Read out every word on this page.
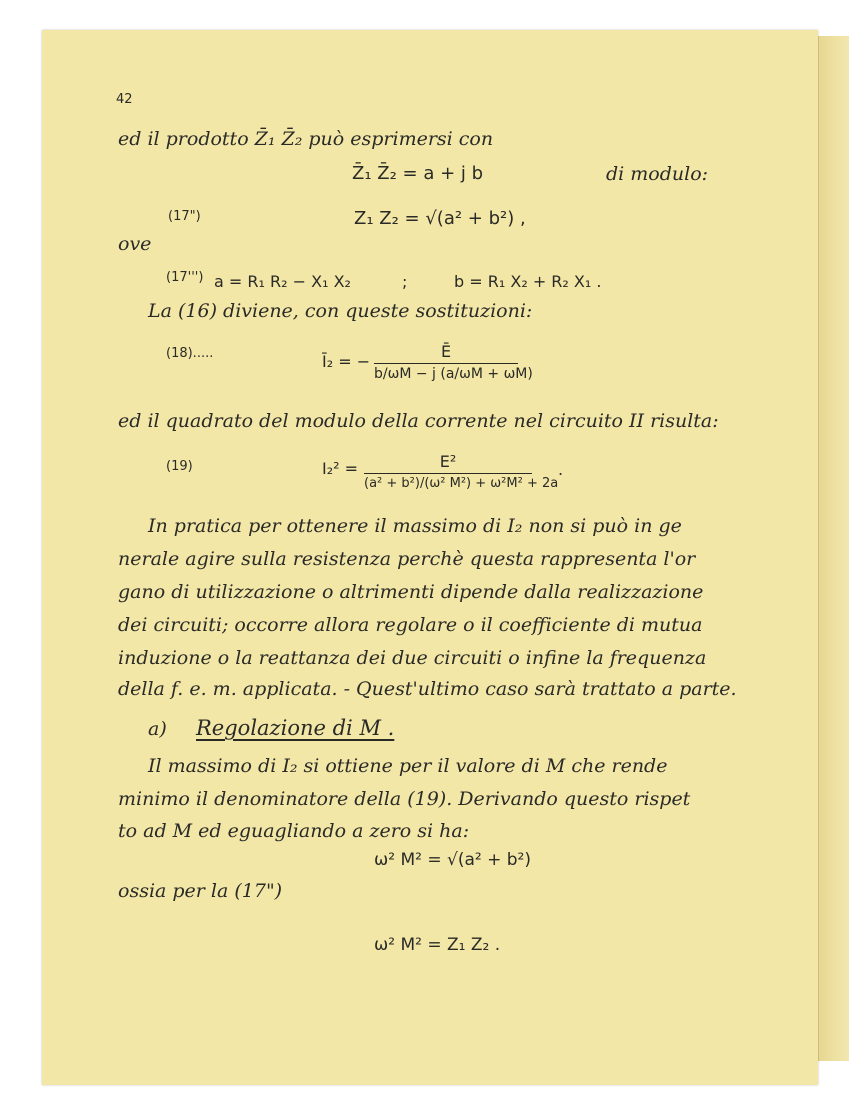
42
ed il prodotto Z̄₁ Z̄₂ può esprimersi con
Z̄₁ Z̄₂ = a + j b	di modulo:
(17")	Z₁ Z₂ = √(a² + b²) ,
ove
(17''') a = R₁ R₂ − X₁ X₂	;	b = R₁ X₂ + R₂ X₁ .
La (16) diviene, con queste sostituzioni:
(18).....	Ī₂ = −
Ē
b/ωM − j (a/ωM + ωM)
ed il quadrato del modulo della corrente nel circuito II risulta:
(19)	I₂² =	E²
(a² + b²)/(ω² M²) + ω²M² + 2a
.
In pratica per ottenere il massimo di I₂ non si può in ge
nerale agire sulla resistenza perchè questa rappresenta l'or
gano di utilizzazione o altrimenti dipende dalla realizzazione
dei circuiti; occorre allora regolare o il coefficiente di mutua
induzione o la reattanza dei due circuiti o infine la frequenza
della f. e. m. applicata. - Quest'ultimo caso sarà trattato a parte.
a) Regolazione di M .
Il massimo di I₂ si ottiene per il valore di M che rende
minimo il denominatore della (19). Derivando questo rispet
to ad M ed eguagliando a zero si ha:
ω² M² = √(a² + b²)
ossia per la (17")
ω² M² = Z₁ Z₂ .
